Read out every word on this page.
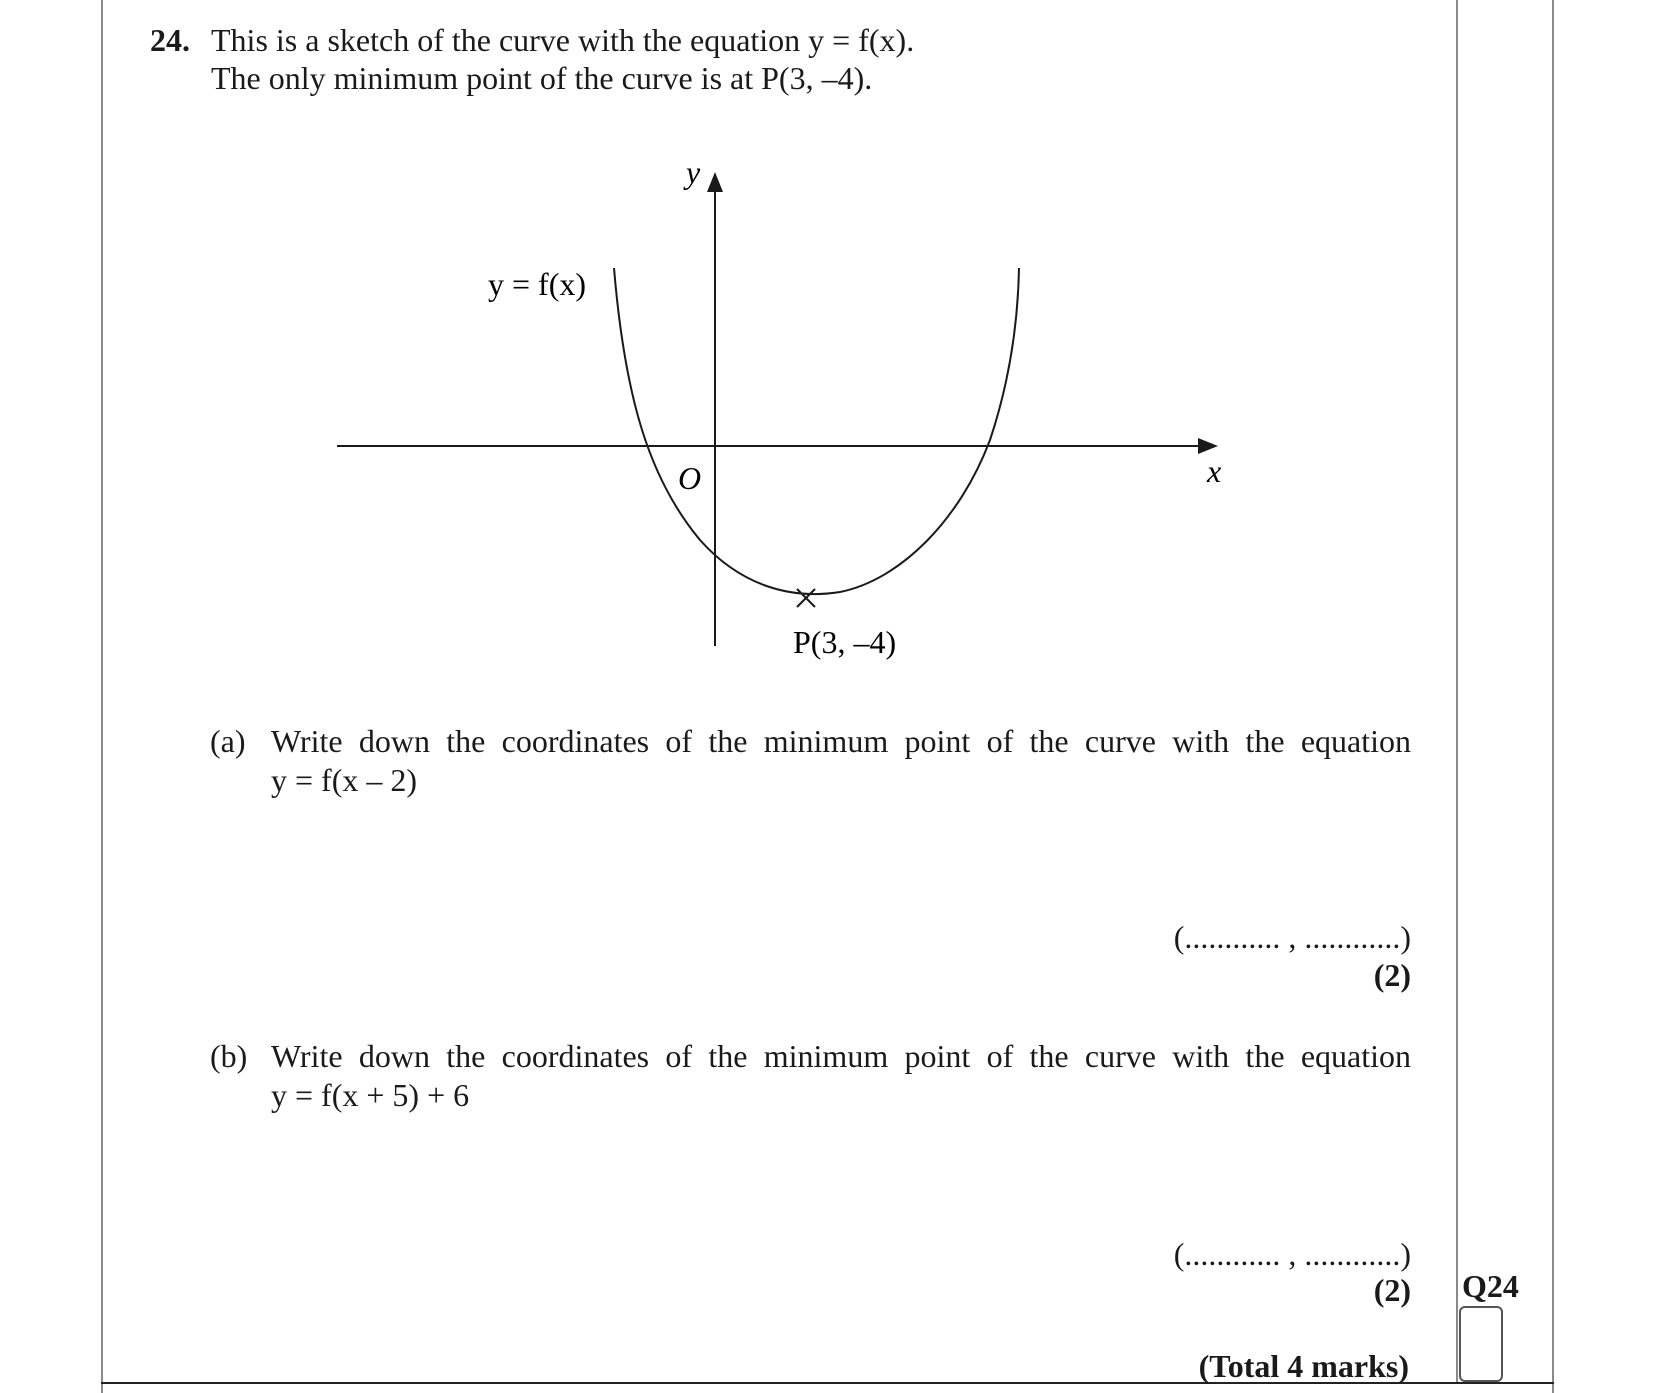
24. This is a sketch of the curve with the equation y = f(x).
The only minimum point of the curve is at P(3, –4).
y
x
O
y = f(x)
P(3, –4)
(a) Write down the coordinates of the minimum point of the curve with the equation
y = f(x – 2)
(............ , ............)
(2)
(b) Write down the coordinates of the minimum point of the curve with the equation
y = f(x + 5) + 6
(............ , ............)
(2) Q24
(Total 4 marks)
